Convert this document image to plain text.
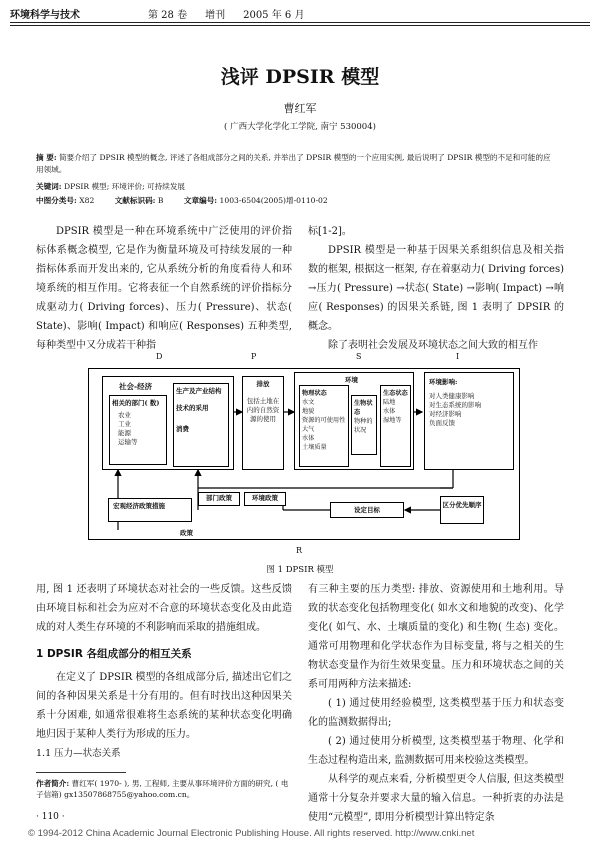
环境科学与技术	第 28 卷 增刊 2005 年 6 月
浅评 DPSIR 模型
曹红军
( 广西大学化学化工学院, 南宁 530004)
摘 要: 简要介绍了 DPSIR 模型的概念, 评述了各组成部分之间的关系, 并举出了 DPSIR 模型的一个应用实例, 最后说明了 DPSIR 模型的不足和可能的应用领域。
关键词: DPSIR 模型; 环境评价; 可持续发展
中图分类号: X82	文献标识码: B	文章编号: 1003-6504(2005)增-0110-02

DPSIR 模型是一种在环境系统中广泛使用的评价指标体系概念模型, 它是作为衡量环境及可持续发展的一种指标体系而开发出来的, 它从系统分析的角度看待人和环境系统的相互作用。它将表征一个自然系统的评价指标分成驱动力( Driving forces)、压力( Pressure)、状态( State)、影响( Impact) 和响应( Responses) 五种类型, 每种类型中又分成若干种指

标[1-2]。

DPSIR 模型是一种基于因果关系组织信息及相关指数的框架, 根据这一框架, 存在着驱动力( Driving forces) →压力( Pressure) →状态( State) →影响( Impact) →响应( Responses) 的因果关系链, 图 1 表明了 DPSIR 的概念。

除了表明社会发展及环境状态之间大致的相互作

D	P	S	I
社会-经济
相关的部门( 数)
农业
工业
能源
运输等
生产及产业结构
技术的采用
消费
排放
包括土地在内的自然资源的使用
环境
物理状态
水文
地貌
资源的可使用性
大气
水体
土壤质量
生物状态
物种的
状况
生态状态
陆地
水体
湿地等
环境影响:
对人类健康影响
对生态系统的影响
对经济影响
负面反馈
宏观经济政策措施
部门政策	环境政策
设定目标
区分优先顺序
政策
R
图 1 DPSIR 模型

用, 图 1 还表明了环境状态对社会的一些反馈。这些反馈由环境目标和社会为应对不合意的环境状态变化及由此造成的对人类生存环境的不利影响而采取的措施组成。

1 DPSIR 各组成部分的相互关系

在定义了 DPSIR 模型的各组成部分后, 描述出它们之间的各种因果关系是十分有用的。但有时找出这种因果关系十分困难, 如通常很难将生态系统的某种状态变化明确地归因于某种人类行为形成的压力。

1.1 压力—状态关系
作者简介: 曹红军( 1970- ), 男, 工程师, 主要从事环境评价方面的研究, ( 电子信箱) gx13507868755@yahoo.com.cn。

有三种主要的压力类型: 排放、资源使用和土地利用。导致的状态变化包括物理变化( 如水文和地貌的改变)、化学变化( 如气、水、土壤质量的变化) 和生物( 生态) 变化。通常可用物理和化学状态作为目标变量, 将与之相关的生物状态变量作为衍生效果变量。压力和环境状态之间的关系可用两种方法来描述:

( 1) 通过使用经验模型, 这类模型基于压力和状态变化的监测数据得出;

( 2) 通过使用分析模型, 这类模型基于物理、化学和生态过程构造出来, 监测数据可用来校验这类模型。

从科学的观点来看, 分析模型更令人信服, 但这类模型通常十分复杂并要求大量的输入信息。一种折衷的办法是使用“元模型”, 即用分析模型计算出特定条

· 110 ·
© 1994-2012 China Academic Journal Electronic Publishing House. All rights reserved. http://www.cnki.net
